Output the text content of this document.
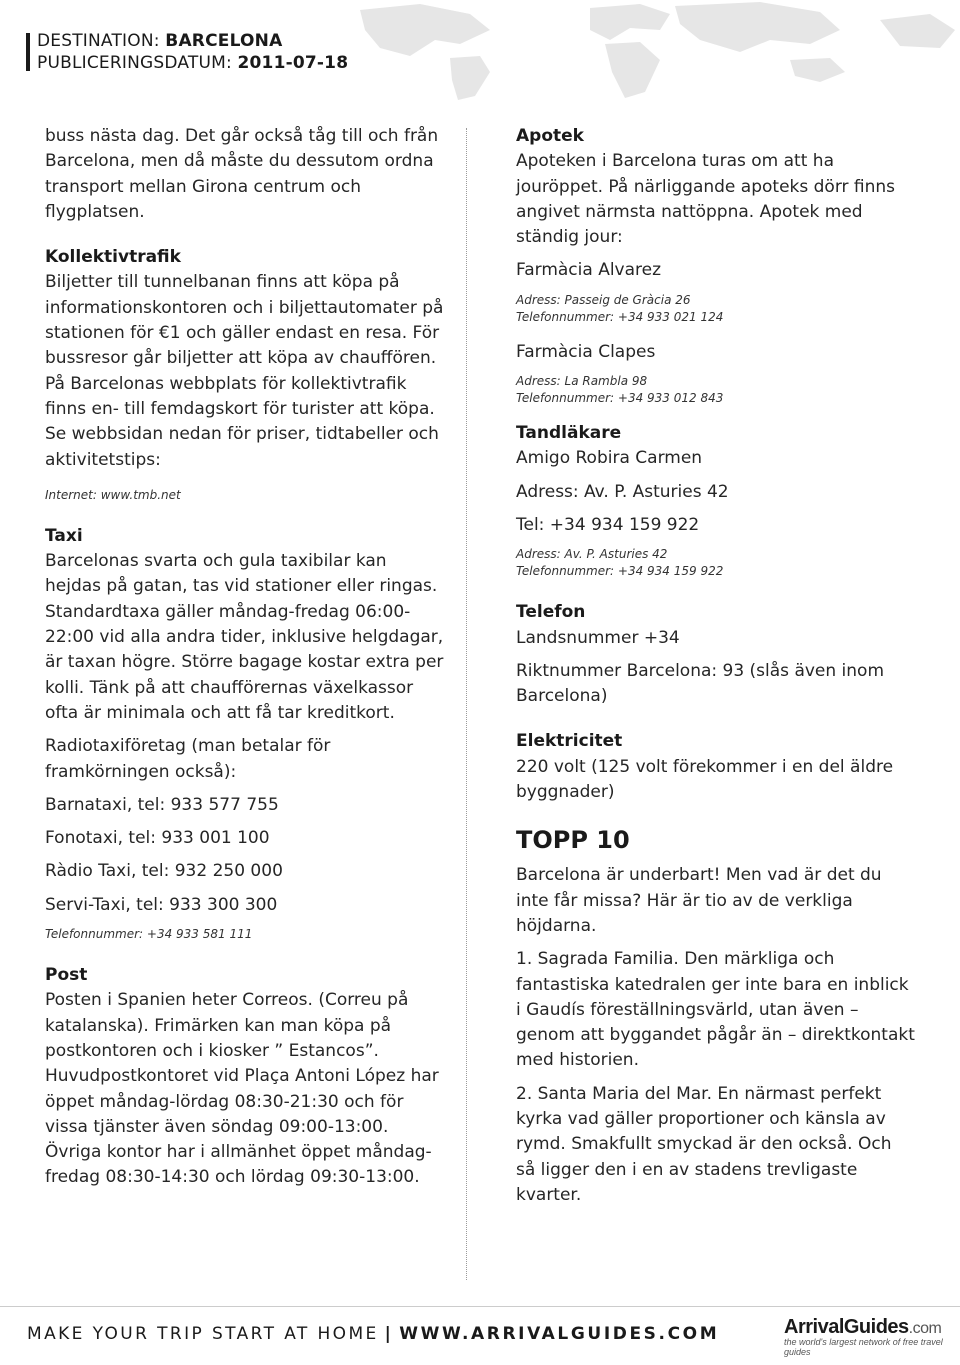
DESTINATION: BARCELONA
PUBLICERINGSDATUM: 2011-07-18

buss nästa dag. Det går också tåg till och från Barcelona, men då måste du dessutom ordna transport mellan Girona centrum och flygplatsen.

Kollektivtrafik

Biljetter till tunnelbanan finns att köpa på informationskontoren och i biljettautomater på stationen för €1 och gäller endast en resa. För bussresor går biljetter att köpa av chauffören. På Barcelonas webbplats för kollektivtrafik finns en- till femdagskort för turister att köpa. Se webbsidan nedan för priser, tidtabeller och aktivitetstips:

Internet: www.tmb.net

Taxi

Barcelonas svarta och gula taxibilar kan hejdas på gatan, tas vid stationer eller ringas. Standardtaxa gäller måndag-fredag 06:00-22:00 vid alla andra tider, inklusive helgdagar, är taxan högre. Större bagage kostar extra per kolli. Tänk på att chaufförernas växelkassor ofta är minimala och att få tar kreditkort.

Radiotaxiföretag (man betalar för framkörningen också):

Barnataxi, tel: 933 577 755

Fonotaxi, tel: 933 001 100

Ràdio Taxi, tel: 932 250 000

Servi-Taxi, tel: 933 300 300

Telefonnummer: +34 933 581 111

Post

Posten i Spanien heter Correos. (Correu på katalanska). Frimärken kan man köpa på postkontoren och i kiosker ” Estancos”. Huvudpostkontoret vid Plaça Antoni López har öppet måndag-lördag 08:30-21:30 och för vissa tjänster även söndag 09:00-13:00. Övriga kontor har i allmänhet öppet måndag-fredag 08:30-14:30 och lördag 09:30-13:00.

Apotek

Apoteken i Barcelona turas om att ha jouröppet. På närliggande apoteks dörr finns angivet närmsta nattöppna. Apotek med ständig jour:

Farmàcia Alvarez

Adress: Passeig de Gràcia 26

Telefonnummer: +34 933 021 124

Farmàcia Clapes

Adress: La Rambla 98

Telefonnummer: +34 933 012 843

Tandläkare

Amigo Robira Carmen

Adress: Av. P. Asturies 42

Tel: +34 934 159 922

Adress: Av. P. Asturies 42

Telefonnummer: +34 934 159 922

Telefon

Landsnummer +34

Riktnummer Barcelona: 93 (slås även inom Barcelona)

Elektricitet

220 volt (125 volt förekommer i en del äldre byggnader)

TOPP 10

Barcelona är underbart! Men vad är det du inte får missa? Här är tio av de verkliga höjdarna.

1. Sagrada Familia. Den märkliga och fantastiska katedralen ger inte bara en inblick i Gaudís föreställningsvärld, utan även – genom att byggandet pågår än – direktkontakt med historien.

2. Santa Maria del Mar. En närmast perfekt kyrka vad gäller proportioner och känsla av rymd. Smakfullt smyckad är den också. Och så ligger den i en av stadens trevligaste kvarter.

MAKE YOUR TRIP START AT HOME | WWW.ARRIVALGUIDES.COM	ArrivalGuides.com
the world's largest network of free travel guides
